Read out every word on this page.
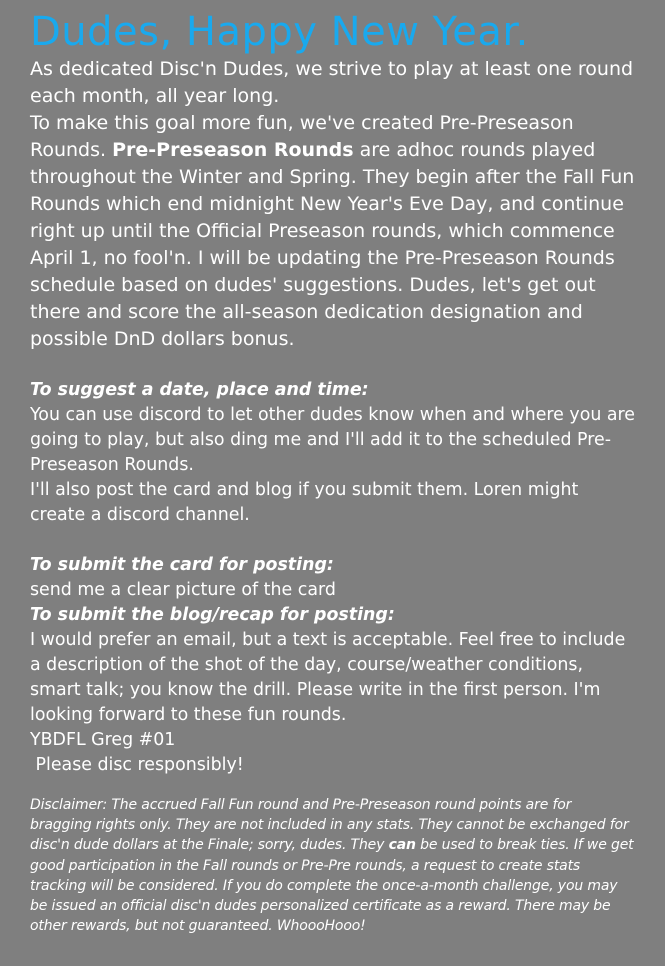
Dudes, Happy New Year.

As dedicated Disc'n Dudes, we strive to play at least one round each month, all year long.

To make this goal more fun, we've created Pre-Preseason Rounds. Pre-Preseason Rounds are adhoc rounds played throughout the Winter and Spring. They begin after the Fall Fun Rounds which end midnight New Year's Eve Day, and continue right up until the Official Preseason rounds, which commence April 1, no fool'n. I will be updating the Pre-Preseason Rounds schedule based on dudes' suggestions. Dudes, let's get out there and score the all-season dedication designation and possible DnD dollars bonus.

To suggest a date, place and time:

You can use discord to let other dudes know when and where you are going to play, but also ding me and I'll add it to the scheduled Pre-Preseason Rounds.

I'll also post the card and blog if you submit them. Loren might create a discord channel.

To submit the card for posting:

send me a clear picture of the card

To submit the blog/recap for posting:

I would prefer an email, but a text is acceptable. Feel free to include a description of the shot of the day, course/weather conditions, smart talk; you know the drill. Please write in the first person. I'm looking forward to these fun rounds.

YBDFL Greg #01

Please disc responsibly!

Disclaimer: The accrued Fall Fun round and Pre-Preseason round points are for bragging rights only. They are not included in any stats. They cannot be exchanged for disc'n dude dollars at the Finale; sorry, dudes. They can be used to break ties. If we get good participation in the Fall rounds or Pre-Pre rounds, a request to create stats tracking will be considered. If you do complete the once-a-month challenge, you may be issued an official disc'n dudes personalized certificate as a reward. There may be other rewards, but not guaranteed. WhoooHooo!
